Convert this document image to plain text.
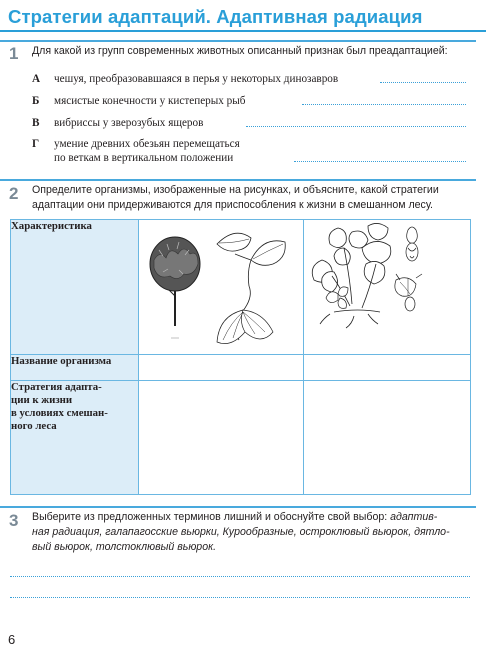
Стратегии адаптаций. Адаптивная радиация
1 Для какой из групп современных животных описанный признак был преадаптацией:
А чешуя, преобразовавшаяся в перья у некоторых динозавров
Б мясистые конечности у кистеперых рыб
В вибриссы у зверозубых ящеров
Г умение древних обезьян перемещаться
по веткам в вертикальном положении
2 Определите организмы, изображенные на рисунках, и объясните, какой стратегии
адаптации они придерживаются для приспособления к жизни в смешанном лесу.
Характеристика	

Название организма		

Стратегия адапта-
ции к жизни
в условиях смешан-
ного леса		

3 Выберите из предложенных терминов лишний и обоснуйте свой выбор: адаптив-
ная радиация, галапагосские вьюрки, Курообразные, остроклювый вьюрок, дятло-
вый вьюрок, толстоклювый вьюрок.
6
